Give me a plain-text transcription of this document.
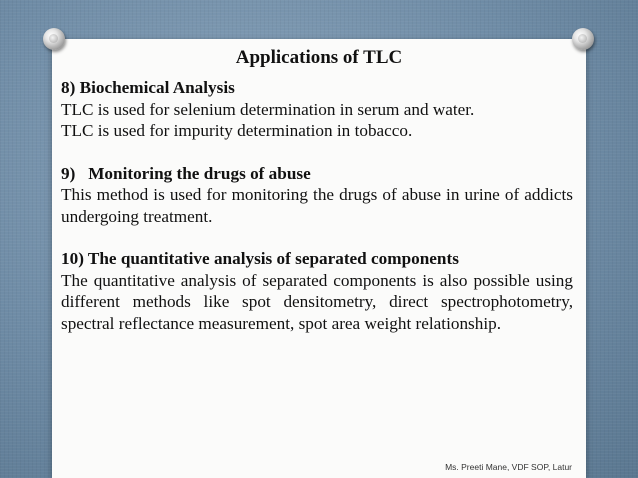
Applications of TLC
8) Biochemical Analysis
TLC is used for selenium determination in serum and water.
TLC is used for impurity determination in tobacco.
9)   Monitoring the drugs of abuse
This method is used for monitoring the drugs of abuse in urine of addicts undergoing treatment.
10) The quantitative analysis of separated components
The quantitative analysis of separated components is also possible using different methods like spot densitometry, direct spectrophotometry, spectral reflectance measurement, spot area weight relationship.
Ms. Preeti Mane, VDF SOP, Latur
